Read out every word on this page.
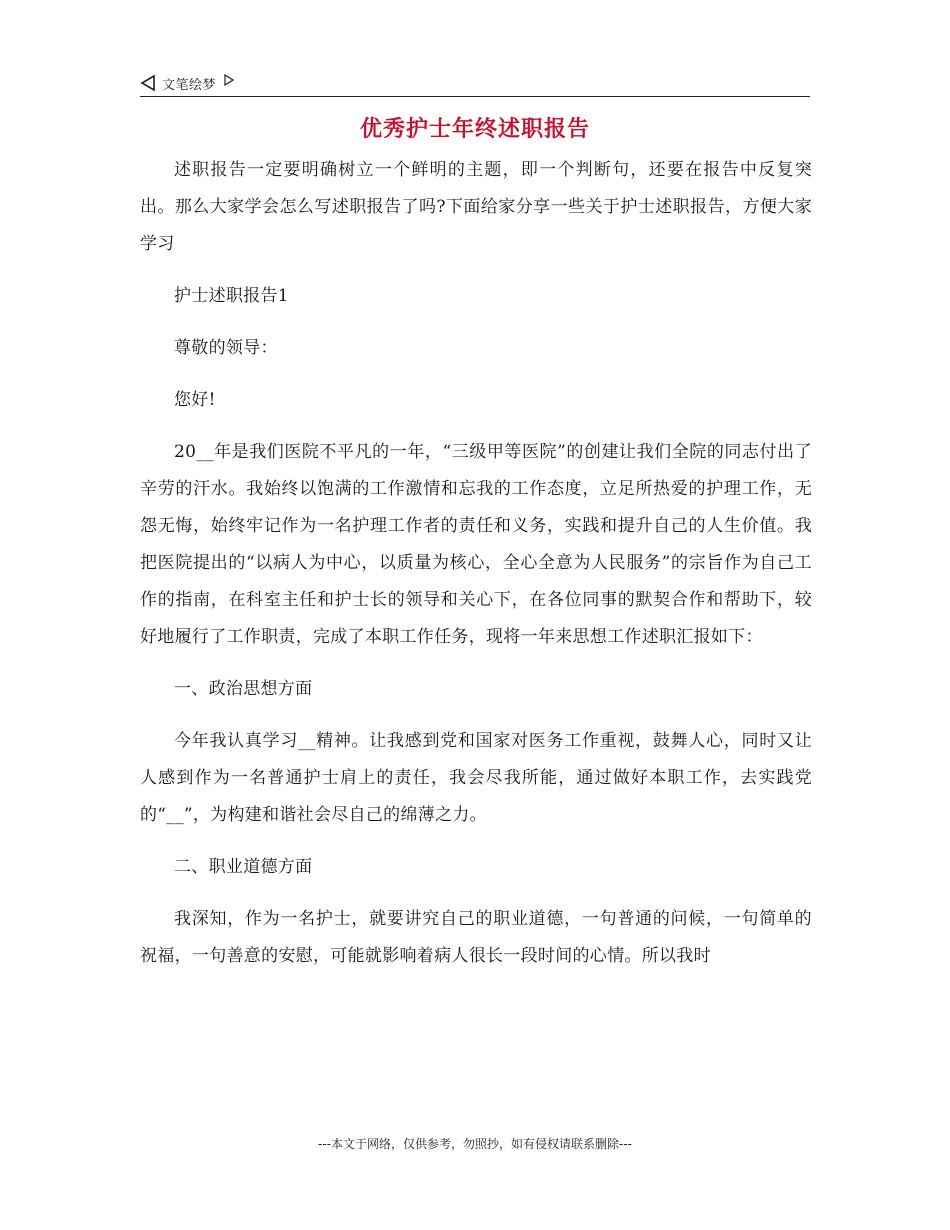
文笔绘梦
优秀护士年终述职报告

述职报告一定要明确树立一个鲜明的主题，即一个判断句，还要在报告中反复突出。那么大家学会怎么写述职报告了吗?下面给家分享一些关于护士述职报告，方便大家学习

护士述职报告1

尊敬的领导：

您好!

20__年是我们医院不平凡的一年，“三级甲等医院”的创建让我们全院的同志付出了辛劳的汗水。我始终以饱满的工作激情和忘我的工作态度，立足所热爱的护理工作，无怨无悔，始终牢记作为一名护理工作者的责任和义务，实践和提升自己的人生价值。我把医院提出的“以病人为中心，以质量为核心，全心全意为人民服务”的宗旨作为自己工作的指南，在科室主任和护士长的领导和关心下，在各位同事的默契合作和帮助下，较好地履行了工作职责，完成了本职工作任务，现将一年来思想工作述职汇报如下：

一、政治思想方面

今年我认真学习__精神。让我感到党和国家对医务工作重视，鼓舞人心，同时又让人感到作为一名普通护士肩上的责任，我会尽我所能，通过做好本职工作，去实践党的“__”，为构建和谐社会尽自己的绵薄之力。

二、职业道德方面

我深知，作为一名护士，就要讲究自己的职业道德，一句普通的问候，一句简单的祝福，一句善意的安慰，可能就影响着病人很长一段时间的心情。所以我时

---本文于网络，仅供参考，勿照抄，如有侵权请联系删除---
